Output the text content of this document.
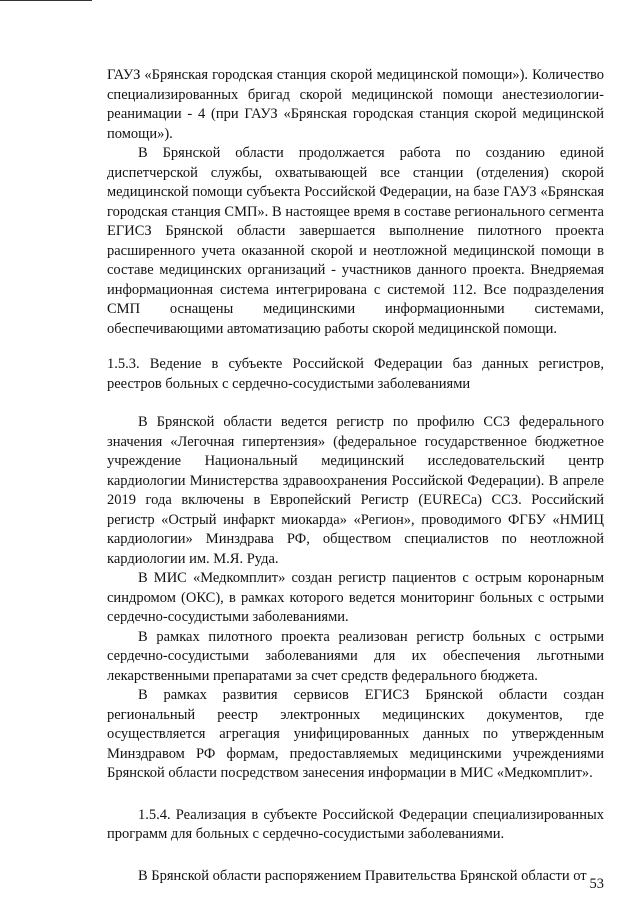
ГАУЗ «Брянская городская станция скорой медицинской помощи»). Количество специализированных бригад скорой медицинской помощи анестезиологии-реанимации - 4 (при ГАУЗ «Брянская городская станция скорой медицинской помощи»).

В Брянской области продолжается работа по созданию единой диспетчерской службы, охватывающей все станции (отделения) скорой медицинской помощи субъекта Российской Федерации, на базе ГАУЗ «Брянская городская станция СМП». В настоящее время в составе регионального сегмента ЕГИСЗ Брянской области завершается выполнение пилотного проекта расширенного учета оказанной скорой и неотложной медицинской помощи в составе медицинских организаций - участников данного проекта. Внедряемая информационная система интегрирована с системой 112. Все подразделения СМП оснащены медицинскими информационными системами, обеспечивающими автоматизацию работы скорой медицинской помощи.

1.5.3. Ведение в субъекте Российской Федерации баз данных регистров, реестров больных с сердечно-сосудистыми заболеваниями

В Брянской области ведется регистр по профилю ССЗ федерального значения «Легочная гипертензия» (федеральное государственное бюджетное учреждение Национальный медицинский исследовательский центр кардиологии Министерства здравоохранения Российской Федерации). В апреле 2019 года включены в Европейский Регистр (EURECa) ССЗ. Российский регистр «Острый инфаркт миокарда» «Регион», проводимого ФГБУ «НМИЦ кардиологии» Минздрава РФ, обществом специалистов по неотложной кардиологии им. М.Я. Руда.

В МИС «Медкомплит» создан регистр пациентов с острым коронарным синдромом (ОКС), в рамках которого ведется мониторинг больных с острыми сердечно-сосудистыми заболеваниями.

В рамках пилотного проекта реализован регистр больных с острыми сердечно-сосудистыми заболеваниями для их обеспечения льготными лекарственными препаратами за счет средств федерального бюджета.

В рамках развития сервисов ЕГИСЗ Брянской области создан региональный реестр электронных медицинских документов, где осуществляется агрегация унифицированных данных по утвержденным Минздравом РФ формам, предоставляемых медицинскими учреждениями Брянской области посредством занесения информации в МИС «Медкомплит».

1.5.4. Реализация в субъекте Российской Федерации специализированных программ для больных с сердечно-сосудистыми заболеваниями.

В Брянской области распоряжением Правительства Брянской области от

53
